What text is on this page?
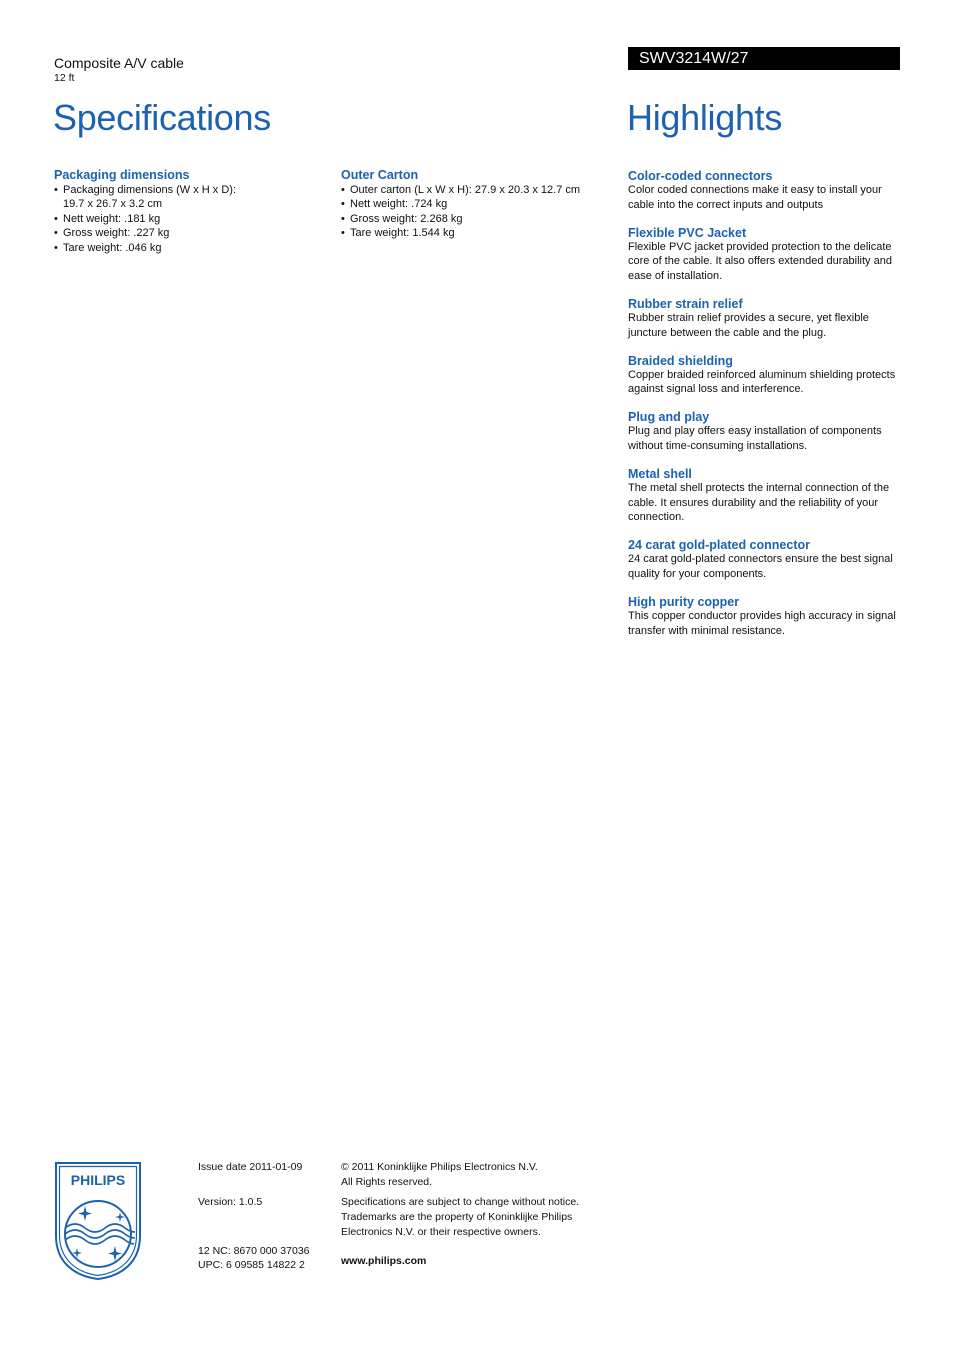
Composite A/V cable
12 ft
Specifications
SWV3214W/27
Highlights
Packaging dimensions
• Packaging dimensions (W x H x D):
19.7 x 26.7 x 3.2 cm
• Nett weight: .181 kg
• Gross weight: .227 kg
• Tare weight: .046 kg
Outer Carton
• Outer carton (L x W x H): 27.9 x 20.3 x 12.7 cm
• Nett weight: .724 kg
• Gross weight: 2.268 kg
• Tare weight: 1.544 kg
Color-coded connectors
Color coded connections make it easy to install your cable into the correct inputs and outputs
Flexible PVC Jacket
Flexible PVC jacket provided protection to the delicate core of the cable. It also offers extended durability and ease of installation.
Rubber strain relief
Rubber strain relief provides a secure, yet flexible juncture between the cable and the plug.
Braided shielding
Copper braided reinforced aluminum shielding protects against signal loss and interference.
Plug and play
Plug and play offers easy installation of components without time-consuming installations.
Metal shell
The metal shell protects the internal connection of the cable. It ensures durability and the reliability of your connection.
24 carat gold-plated connector
24 carat gold-plated connectors ensure the best signal quality for your components.
High purity copper
This copper conductor provides high accuracy in signal transfer with minimal resistance.
PHILIPS
Issue date 2011-01-09
Version: 1.0.5
12 NC: 8670 000 37036
UPC: 6 09585 14822 2
© 2011 Koninklijke Philips Electronics N.V.
All Rights reserved.
Specifications are subject to change without notice.
Trademarks are the property of Koninklijke Philips
Electronics N.V. or their respective owners.
www.philips.com
